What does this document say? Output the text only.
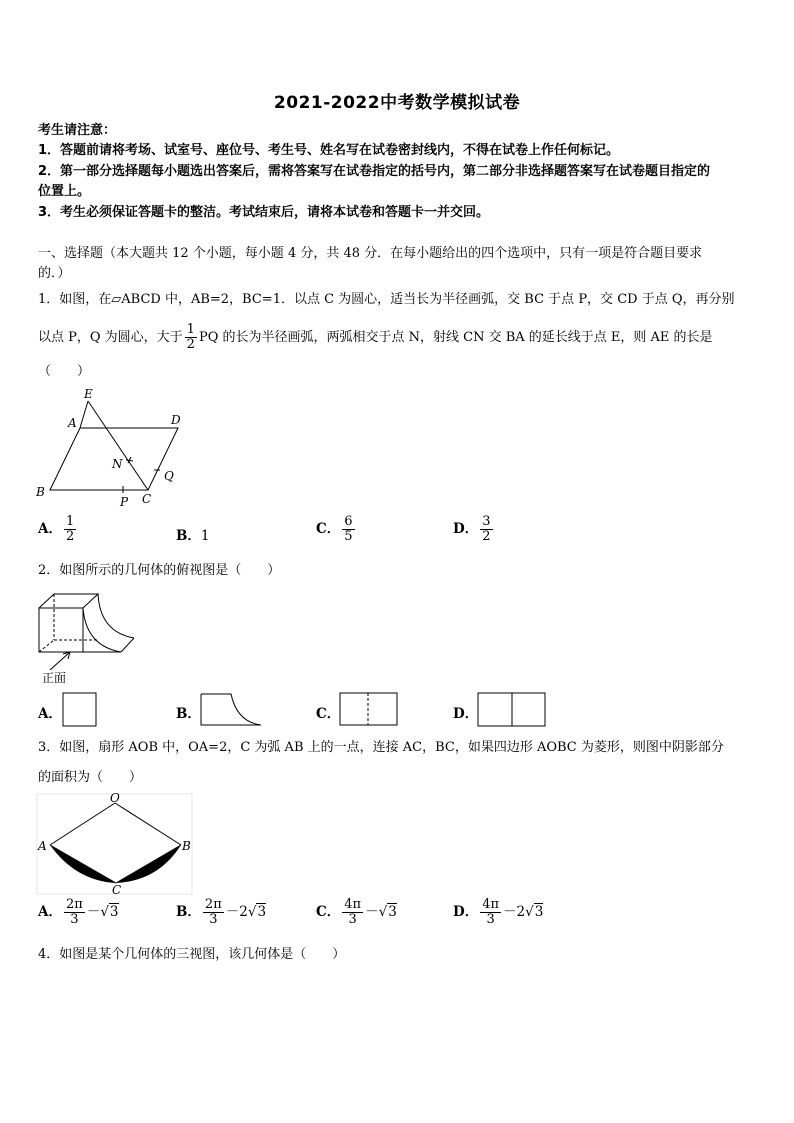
2021-2022中考数学模拟试卷
考生请注意：
1．答题前请将考场、试室号、座位号、考生号、姓名写在试卷密封线内，不得在试卷上作任何标记。
2．第一部分选择题每小题选出答案后，需将答案写在试卷指定的括号内，第二部分非选择题答案写在试卷题目指定的
位置上。
3．考生必须保证答题卡的整洁。考试结束后，请将本试卷和答题卡一并交回。
一、选择题（本大题共 12 个小题，每小题 4 分，共 48 分．在每小题给出的四个选项中，只有一项是符合题目要求
的．）
1．如图，在▱ABCD 中，AB=2，BC=1．以点 C 为圆心，适当长为半径画弧，交 BC 于点 P，交 CD 于点 Q，再分别
以点 P，Q 为圆心，大于 $\frac{1}{2}$ PQ 的长为半径画弧，两弧相交于点 N，射线 CN 交 BA 的延长线于点 E，则 AE 的长是
（　　）
E
A	D
N
Q
B
P C
A． $\frac{1}{2}$	B．1	C． $\frac{6}{5}$	D． $\frac{3}{2}$
2．如图所示的几何体的俯视图是（　　）
正面
A．	B．	C．	D．
3．如图，扇形 AOB 中，OA=2，C 为弧 AB 上的一点，连接 AC，BC，如果四边形 AOBC 为菱形，则图中阴影部分
的面积为（　　）
O
A	B
C
A． $\frac{2\pi}{3} -√3$	B． $\frac{2\pi}{3} -2√3$	C． $\frac{4\pi}{3} -√3$	D． $\frac{4\pi}{3} -2√3$
4．如图是某个几何体的三视图，该几何体是（　　）
